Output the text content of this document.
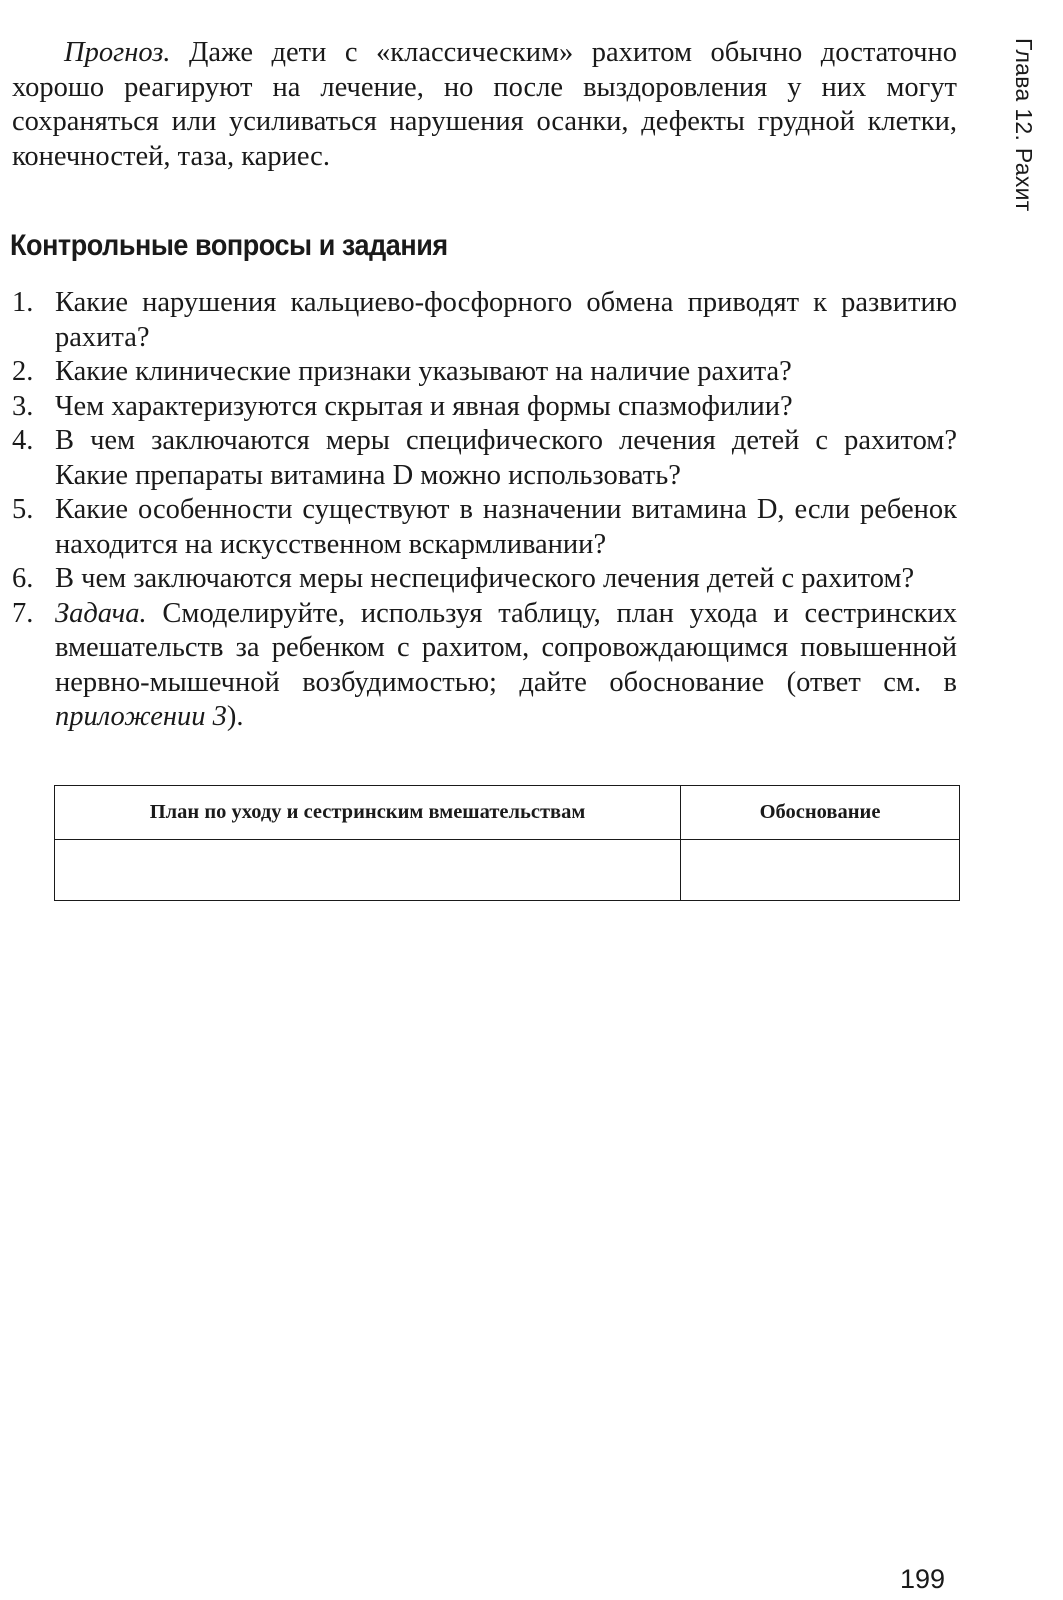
Глава 12. Рахит

Прогноз. Даже дети с «классическим» рахитом обычно достаточно хорошо реагируют на лечение, но после выздоровления у них могут сохраняться или усиливаться нарушения осанки, дефекты грудной клетки, конечностей, таза, кариес.

Контрольные вопросы и задания
1. Какие нарушения кальциево-фосфорного обмена приводят к развитию рахита?
2. Какие клинические признаки указывают на наличие рахита?
3. Чем характеризуются скрытая и явная формы спазмофилии?
4. В чем заключаются меры специфического лечения детей с рахитом? Какие препараты витамина D можно использовать?
5. Какие особенности существуют в назначении витамина D, если ребенок находится на искусственном вскармливании?
6. В чем заключаются меры неспецифического лечения детей с рахитом?
7. Задача. Смоделируйте, используя таблицу, план ухода и сестринских вмешательств за ребенком с рахитом, сопровождающимся повышенной нервно-мышечной возбудимостью; дайте обоснование (ответ см. в приложении 3).
План по уходу и сестринским вмешательствам	Обоснование

199
